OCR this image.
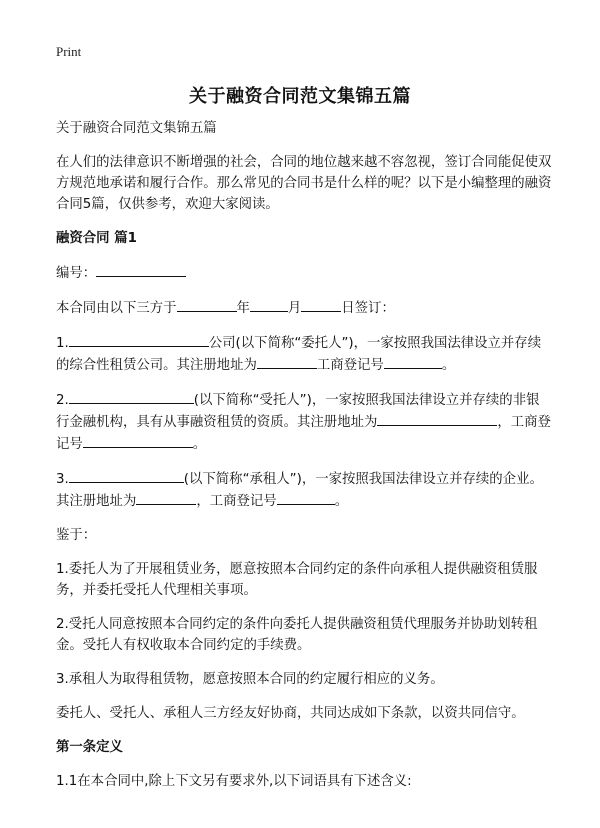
Print
关于融资合同范文集锦五篇

关于融资合同范文集锦五篇

在人们的法律意识不断增强的社会，合同的地位越来越不容忽视，签订合同能促使双方规范地承诺和履行合作。那么常见的合同书是什么样的呢？以下是小编整理的融资合同5篇，仅供参考，欢迎大家阅读。

融资合同 篇1

编号：

本合同由以下三方于	年	月	日签订：

1.	公司(以下简称“委托人”)，一家按照我国法律设立并存续的综合性租赁公司。其注册地址为	工商登记号	。

2.	(以下简称“受托人”)，一家按照我国法律设立并存续的非银行金融机构，具有从事融资租赁的资质。其注册地址为	，工商登记号	。

3.	(以下简称“承租人”)，一家按照我国法律设立并存续的企业。其注册地址为	，工商登记号	。

鉴于：

1.委托人为了开展租赁业务，愿意按照本合同约定的条件向承租人提供融资租赁服务，并委托受托人代理相关事项。

2.受托人同意按照本合同约定的条件向委托人提供融资租赁代理服务并协助划转租金。受托人有权收取本合同约定的手续费。

3.承租人为取得租赁物，愿意按照本合同的约定履行相应的义务。

委托人、受托人、承租人三方经友好协商，共同达成如下条款，以资共同信守。

第一条定义

1.1在本合同中,除上下文另有要求外,以下词语具有下述含义:
